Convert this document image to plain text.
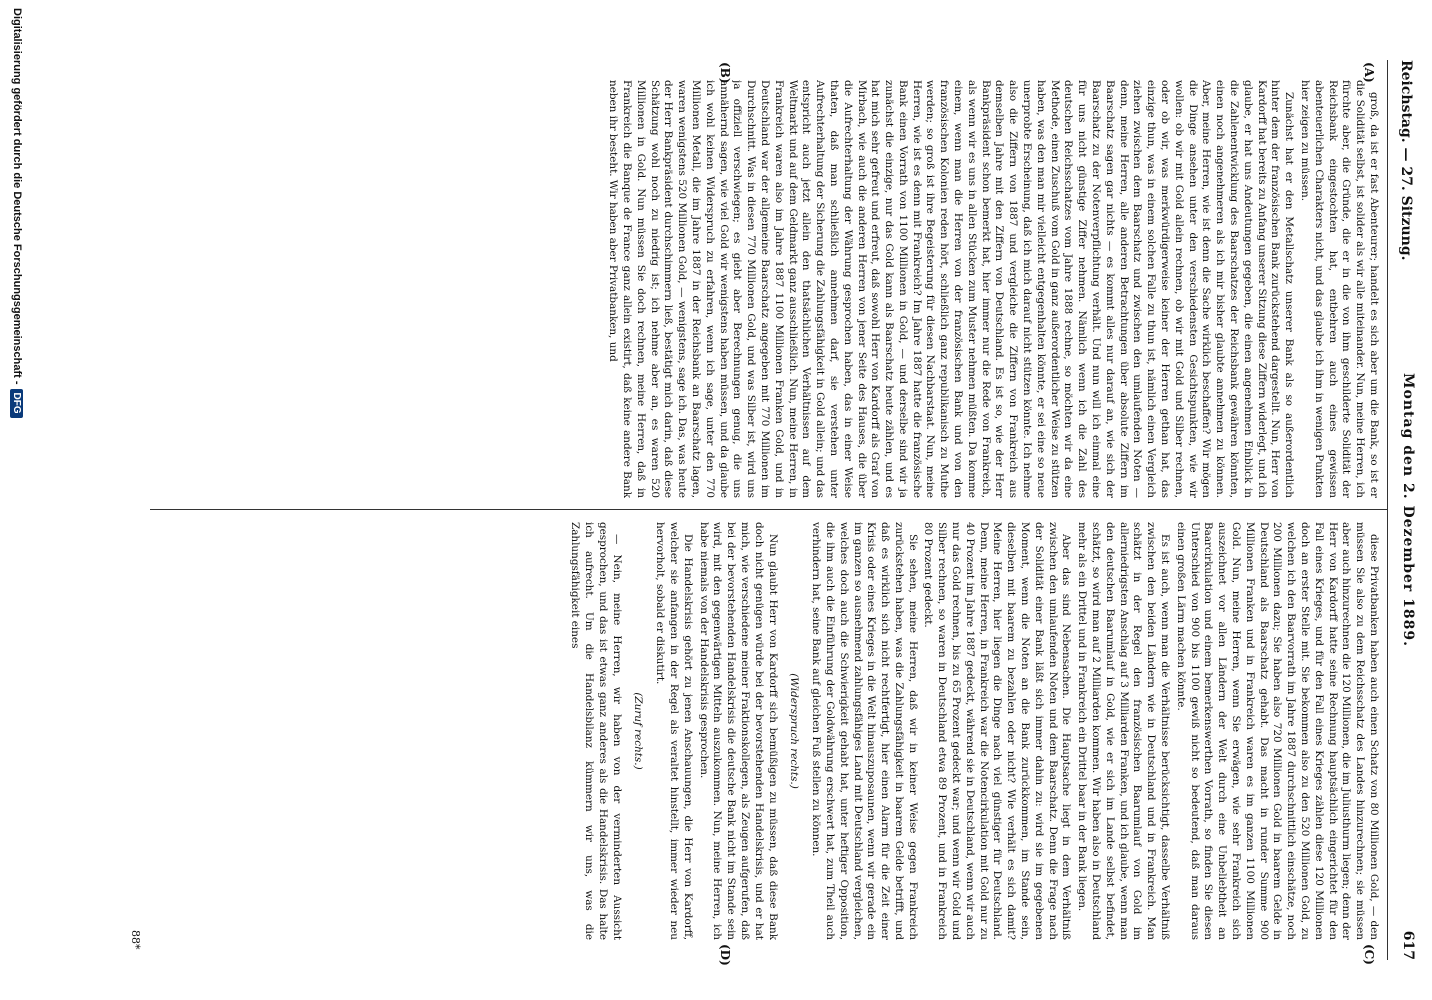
Reichstag. — 27. Sitzung.
Montag den 2. Dezember 1889.
617
(A)
(B)
(C)
(D)

groß, da ist er fast Abenteurer; handelt es sich aber um die Bank, so ist er die Solidität selbst, ist solider als wir alle miteinander. Nun, meine Herren, ich fürchte aber, die Gründe, die er in die von ihm geschilderte Solidität der Reichsbank eingestochten hat, entbehren auch eines gewissen abenteuerlichen Charakters nicht, und das glaube ich ihm in wenigen Punkten hier zeigen zu müssen.

Zunächst hat er den Metallschatz unserer Bank als so außerordentlich hinter dem der französischen Bank zurückstehend dargestellt. Nun, Herr von Kardorff hat bereits zu Anfang unserer Sitzung diese Ziffern widerlegt, und ich glaube, er hat uns Andeutungen gegeben, die einen angenehmen Einblick in die Zahlenentwicklung des Baarschatzes der Reichsbank gewähren könnten, einen noch angenehmeren als ich mir bisher glaubte annehmen zu können. Aber, meine Herren, wie ist denn die Sache wirklich beschaffen? Wir mögen die Dinge ansehen unter den verschiedensten Gesichtspunkten, wie wir wollen: ob wir mit Gold allein rechnen, ob wir mit Gold und Silber rechnen, oder ob wir, was merkwürdigerweise keiner der Herren gethan hat, das einzige thun, was in einem solchen Falle zu thun ist, nämlich einen Vergleich ziehen zwischen dem Baarschatz und zwischen den umlaufenden Noten — denn, meine Herren, alle anderen Betrachtungen über absolute Ziffern im Baarschatz sagen gar nichts — es kommt alles nur darauf an, wie sich der Baarschatz zu der Notenverpflichtung verhält. Und nun will ich einmal eine für uns nicht günstige Ziffer nehmen. Nämlich wenn ich die Zahl des deutschen Reichsschatzes vom Jahre 1888 rechne, so möchten wir da eine Methode, einen Zuschuß vom Gold in ganz außerordentlicher Weise zu stützen haben, was den man mir vielleicht entgegenhalten könnte, er sei eine so neue unerprobte Erscheinung, daß ich mich darauf nicht stützen könnte. Ich nehme also die Ziffern von 1887 und vergleiche die Ziffern von Frankreich aus demselben Jahre mit den Ziffern von Deutschland. Es ist so, wie der Herr Bankpräsident schon bemerkt hat, hier immer nur die Rede von Frankreich, als wenn wir es uns in allen Stücken zum Muster nehmen müßten. Da komme einem, wenn man die Herren von der französischen Bank und von den französischen Kolonien reden hört, schließlich ganz republikanisch zu Muthe werden; so groß ist ihre Begeisterung für diesen Nachbarstaat. Nun, meine Herren, wie ist es denn mit Frankreich? Im Jahre 1887 hatte die französische Bank einen Vorrath von 1100 Millionen in Gold, — und derselbe sind wir ja zunächst die einzige, nur das Gold kann als Baarschatz heute zählen, und es hat mich sehr gefreut und erfreut, daß sowohl Herr von Kardorff als Graf von Mirbach, wie auch die anderen Herren von jener Seite des Hauses, die über die Aufrechterhaltung der Währung gesprochen haben, das in einer Weise thaten, daß man schließlich annehmen darf, sie verstehen unter Aufrechterhaltung der Sicherung die Zahlungsfähigkeit in Gold allein; und das entspricht auch jetzt allein den thatsächlichen Verhältnissen auf dem Weltmarkt und auf dem Geldmarkt ganz ausschließlich. Nun, meine Herren, in Frankreich waren also im Jahre 1887 1100 Millionen Franken Gold, und in Deutschland war der allgemeine Baarschatz angegeben mit 770 Millionen im Durchschnitt. Was in diesen 770 Millionen Gold, und was Silber ist, wird uns ja offiziell verschwiegen; es giebt aber Berechnungen genug, die uns annähernd sagen, wie viel Gold wir wenigstens haben müssen, und da glaube ich wohl keinen Widerspruch zu erfahren, wenn ich sage, unter den 770 Millionen Metall, die im Jahre 1887 in der Reichsbank an Baarschatz lagen, waren wenigstens 520 Millionen Gold, — wenigstens, sage ich. Das, was heute der Herr Bankpräsident durchschimmern ließ, bestätigt mich darin, daß diese Schätzung wohl noch zu niedrig ist; ich nehme aber an, es waren 520 Millionen in Gold. Nun müssen Sie doch rechnen, meine Herren, daß in Frankreich die Banque de France ganz allein existirt, daß keine andere Bank neben ihr besteht. Wir haben aber Privatbanken, und

diese Privatbanken haben auch einen Schatz von 80 Millionen Gold, — den müssen Sie also zu dem Reichsschatz des Landes hinzurechnen; sie müssen aber auch hinzurechnen die 120 Millionen, die im Juliusthurm liegen; denn der Herr von Kardorff hatte seine Rechnung hauptsächlich eingerichtet für den Fall eines Krieges, und für den Fall eines Krieges zählen diese 120 Millionen doch an erster Stelle mit. Sie bekommen also zu den 520 Millionen Gold, zu welchen ich den Baarvorrath im Jahre 1887 durchschnittlich einschätze, noch 200 Millionen dazu; Sie haben also 720 Millionen Gold in baarem Gelde in Deutschland als Baarschatz gehabt. Das macht in runder Summe 900 Millionen Franken und in Frankreich waren es im ganzen 1100 Millionen Gold. Nun, meine Herren, wenn Sie erwägen, wie sehr Frankreich sich auszeichnet vor allen Ländern der Welt durch eine Unbeliebtheit an Baarcirkulation und einem bemerkenswerthen Vorrath, so finden Sie diesen Unterschied von 900 bis 1100 gewiß nicht so bedeutend, daß man daraus einen großen Lärm machen könnte.

Es ist auch, wenn man die Verhältnisse berücksichtigt, dasselbe Verhältniß zwischen den beiden Ländern wie in Deutschland und in Frankreich. Man schätzt in der Regel den französischen Baarumlauf von Gold im allerniedrigsten Anschlag auf 3 Milliarden Franken, und ich glaube, wenn man den deutschen Baarumlauf in Gold, wie er sich im Lande selbst befindet, schätzt, so wird man auf 2 Milliarden kommen. Wir haben also in Deutschland mehr als ein Drittel und in Frankreich ein Drittel baar in der Bank liegen.

Aber das sind Nebensachen. Die Hauptsache liegt in dem Verhältniß zwischen den umlaufenden Noten und dem Baarschatz. Denn die Frage nach der Solidität einer Bank läßt sich immer dahin zu: wird sie im gegebenen Moment, wenn die Noten an die Bank zurückkommen, im Stande sein, dieselben mit baarem zu bezahlen oder nicht? Wie verhält es sich damit? Meine Herren, hier liegen die Dinge nach viel günstiger für Deutschland. Denn, meine Herren, in Frankreich war die Notencirkulation mit Gold nur zu 40 Prozent im Jahre 1887 gedeckt, während sie in Deutschland, wenn wir auch nur das Gold rechnen, bis zu 65 Prozent gedeckt war; und wenn wir Gold und Silber rechnen, so waren in Deutschland etwa 89 Prozent, und in Frankreich 80 Prozent gedeckt.

Sie sehen, meine Herren, daß wir in keiner Weise gegen Frankreich zurückstehen haben, was die Zahlungsfähigkeit in baarem Gelde betrifft, und daß es wirklich sich nicht rechtfertigt, hier einen Alarm für die Zeit einer Krisis oder eines Krieges in die Welt hinauszuposaunen, wenn wir gerade ein im ganzen so ausnehmend zahlungsfähiges Land mit Deutschland vergleichen, welches doch auch die Schwierigkeit gehabt hat, unter heftiger Opposition, die ihm auch die Einführung der Goldwährung erschwert hat, zum Theil auch verhindern hat, seine Bank auf gleichen Fuß stellen zu können.

(Widerspruch rechts.)

Nun glaubt Herr von Kardorff sich bemüßigen zu müssen, daß diese Bank doch nicht genügen würde bei der bevorstehenden Handelskrisis, und er hat mich, wie verschiedene meiner Fraktionskollegen, als Zeugen aufgerufen, daß bei der bevorstehenden Handelskrisis die deutsche Bank nicht im Stande sein wird, mit den gegenwärtigen Mitteln auszukommen. Nun, meine Herren, ich habe niemals von der Handelskrisis gesprochen.

Die Handelskrisis gehört zu jenen Anschauungen, die Herr von Kardorff, welcher sie anfangen in der Regel als veraltet hinstellt, immer wieder neu hervorholt, sobald er diskutirt.

(Zuruf rechts.)

— Nein, meine Herren, wir haben von der verminderten Aussicht gesprochen, und das ist etwas ganz anderes als die Handelskrisis. Das halte ich aufrecht. Um die Handelsbilanz kümmern wir uns, was die Zahlungsfähigkeit eines

88*
Digitalisierung gefördert durch die Deutsche Forschungsgemeinschaft -
DFG
